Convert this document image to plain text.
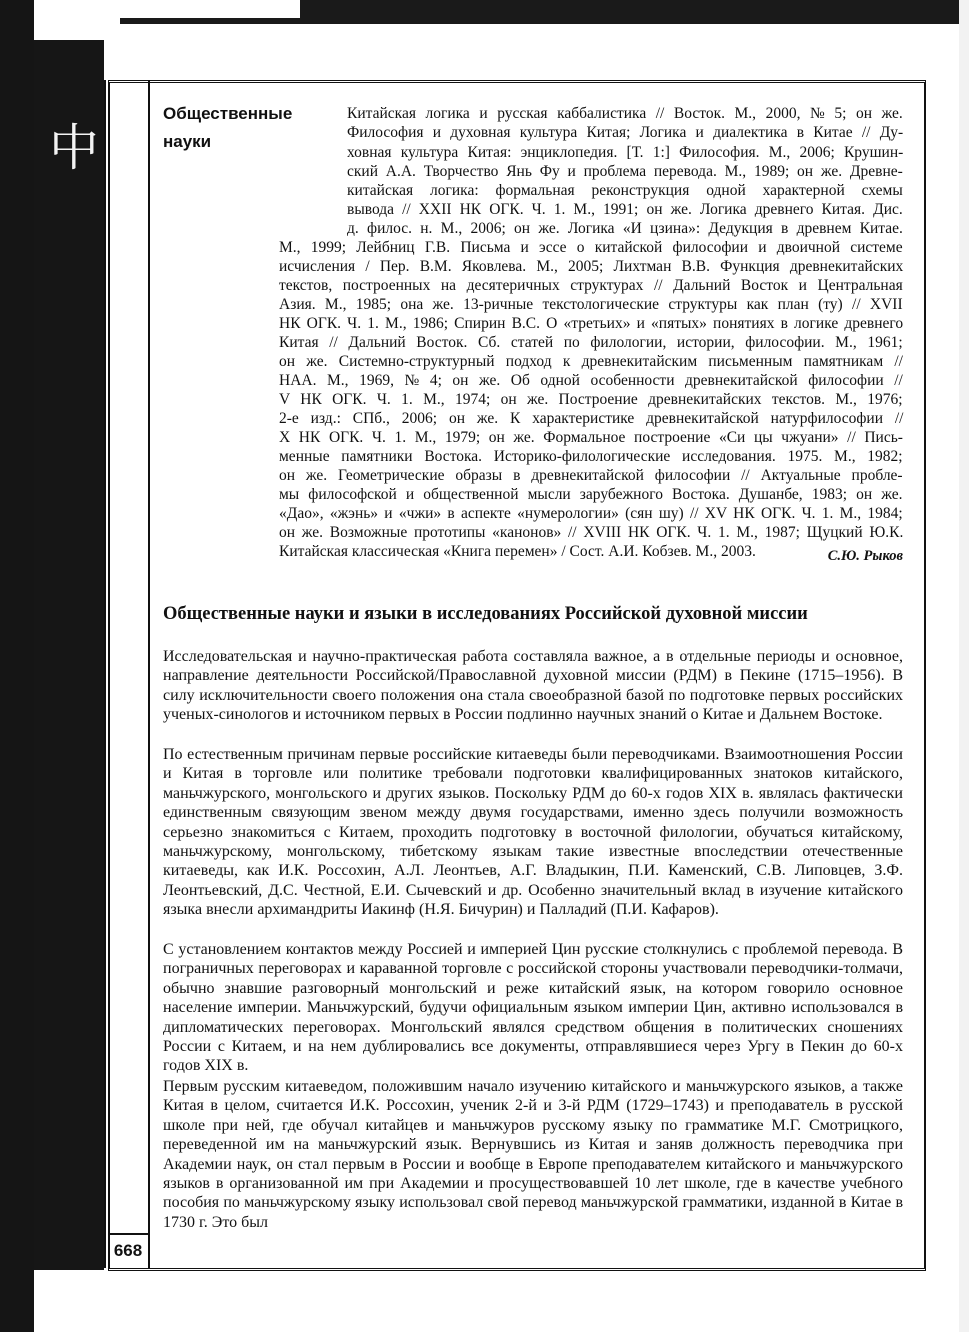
中
668
Общественные
науки
Китайская логика и русская каббалистика // Восток. М., 2000, № 5; он же.
Философия и духовная культура Китая; Логика и диалектика в Китае // Ду-
ховная культура Китая: энциклопедия. [Т. 1:] Философия. М., 2006; Крушин-
ский А.А. Творчество Янь Фу и проблема перевода. М., 1989; он же. Древне-
китайская логика: формальная реконструкция одной характерной схемы
вывода // XXII НК ОГК. Ч. 1. М., 1991; он же. Логика древнего Китая. Дис.
д. филос. н. М., 2006; он же. Логика «И цзина»: Дедукция в древнем Китае.
М., 1999; Лейбниц Г.В. Письма и эссе о китайской философии и двоичной системе
исчисления / Пер. В.М. Яковлева. М., 2005; Лихтман В.В. Функция древнекитайских
текстов, построенных на десятеричных структурах // Дальний Восток и Центральная
Азия. М., 1985; она же. 13-ричные текстологические структуры как план (ту) // XVII
НК ОГК. Ч. 1. М., 1986; Спирин В.С. О «третьих» и «пятых» понятиях в логике древнего
Китая // Дальний Восток. Сб. статей по филологии, истории, философии. М., 1961;
он же. Системно-структурный подход к древнекитайским письменным памятникам //
НАА. М., 1969, № 4; он же. Об одной особенности древнекитайской философии //
V НК ОГК. Ч. 1. М., 1974; он же. Построение древнекитайских текстов. М., 1976;
2-е изд.: СПб., 2006; он же. К характеристике древнекитайской натурфилософии //
X НК ОГК. Ч. 1. М., 1979; он же. Формальное построение «Си цы чжуани» // Пись-
менные памятники Востока. Историко-филологические исследования. 1975. М., 1982;
он же. Геометрические образы в древнекитайской философии // Актуальные пробле-
мы философской и общественной мысли зарубежного Востока. Душанбе, 1983; он же.
«Дао», «жэнь» и «чжи» в аспекте «нумерологии» (сян шу) // XV НК ОГК. Ч. 1. М., 1984;
он же. Возможные прототипы «канонов» // XVIII НК ОГК. Ч. 1. М., 1987; Щуцкий Ю.К.
Китайская классическая «Книга перемен» / Сост. А.И. Кобзев. М., 2003.	С.Ю. Рыков
Общественные науки и языки в исследованиях Российской духовной миссии

Исследовательская и научно-практическая работа составляла важное, а в отдельные периоды и основное, направление деятельности Российской/Православной духовной миссии (РДМ) в Пекине (1715–1956). В силу исключительности своего положения она стала своеобразной базой по подготовке первых российских ученых-синологов и источником первых в России подлинно научных знаний о Китае и Дальнем Востоке.

По естественным причинам первые российские китаеведы были переводчиками. Взаимоотношения России и Китая в торговле или политике требовали подготовки квалифицированных знатоков китайского, маньчжурского, монгольского и других языков. Поскольку РДМ до 60-х годов XIX в. являлась фактически единственным связующим звеном между двумя государствами, именно здесь получили возможность серьезно знакомиться с Китаем, проходить подготовку в восточной филологии, обучаться китайскому, маньчжурскому, монгольскому, тибетскому языкам такие известные впоследствии отечественные китаеведы, как И.К. Россохин, А.Л. Леонтьев, А.Г. Владыкин, П.И. Каменский, С.В. Липовцев, З.Ф. Леонтьевский, Д.С. Честной, Е.И. Сычевский и др. Особенно значительный вклад в изучение китайского языка внесли архимандриты Иакинф (Н.Я. Бичурин) и Палладий (П.И. Кафаров).

С установлением контактов между Россией и империей Цин русские столкнулись с проблемой перевода. В пограничных переговорах и караванной торговле с российской стороны участвовали переводчики-толмачи, обычно знавшие разговорный монгольский и реже китайский язык, на котором говорило основное население империи. Маньчжурский, будучи официальным языком империи Цин, активно использовался в дипломатических переговорах. Монгольский являлся средством общения в политических сношениях России с Китаем, и на нем дублировались все документы, отправлявшиеся через Ургу в Пекин до 60-х годов XIX в.

Первым русским китаеведом, положившим начало изучению китайского и маньчжурского языков, а также Китая в целом, считается И.К. Россохин, ученик 2-й и 3-й РДМ (1729–1743) и преподаватель в русской школе при ней, где обучал китайцев и маньчжуров русскому языку по грамматике М.Г. Смотрицкого, переведенной им на маньчжурский язык. Вернувшись из Китая и заняв должность переводчика при Академии наук, он стал первым в России и вообще в Европе преподавателем китайского и маньчжурского языков в организованной им при Академии и просуществовавшей 10 лет школе, где в качестве учебного пособия по маньчжурскому языку использовал свой перевод маньчжурской грамматики, изданной в Китае в 1730 г. Это был
